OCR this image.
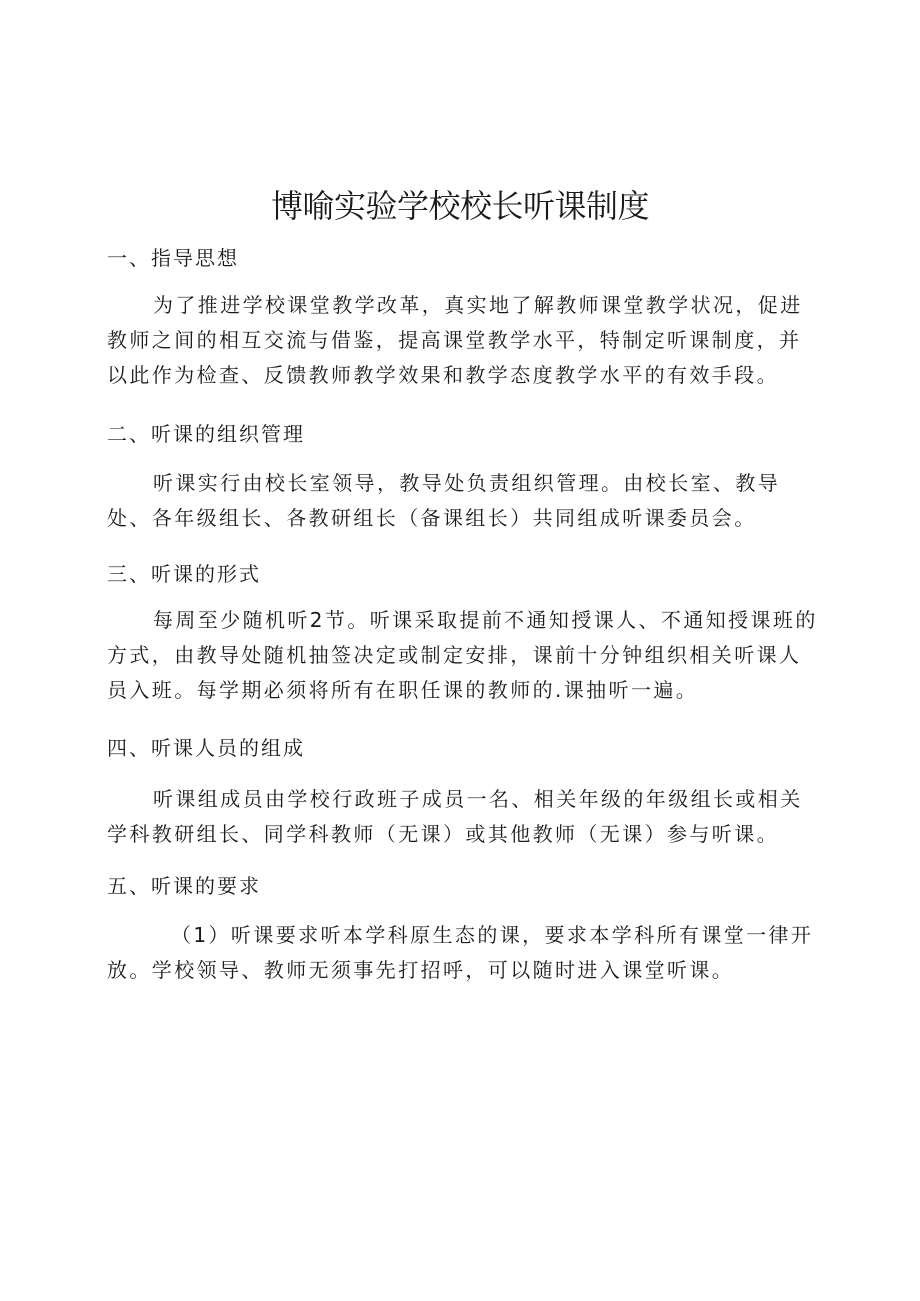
博喻实验学校校长听课制度
一、指导思想

为了推进学校课堂教学改革，真实地了解教师课堂教学状况，促进教师之间的相互交流与借鉴，提高课堂教学水平，特制定听课制度，并以此作为检查、反馈教师教学效果和教学态度教学水平的有效手段。

二、听课的组织管理

听课实行由校长室领导，教导处负责组织管理。由校长室、教导处、各年级组长、各教研组长（备课组长）共同组成听课委员会。

三、听课的形式

每周至少随机听2节。听课采取提前不通知授课人、不通知授课班的方式，由教导处随机抽签决定或制定安排，课前十分钟组织相关听课人员入班。每学期必须将所有在职任课的教师的.课抽听一遍。

四、听课人员的组成

听课组成员由学校行政班子成员一名、相关年级的年级组长或相关学科教研组长、同学科教师（无课）或其他教师（无课）参与听课。

五、听课的要求

（1）听课要求听本学科原生态的课，要求本学科所有课堂一律开放。学校领导、教师无须事先打招呼，可以随时进入课堂听课。
